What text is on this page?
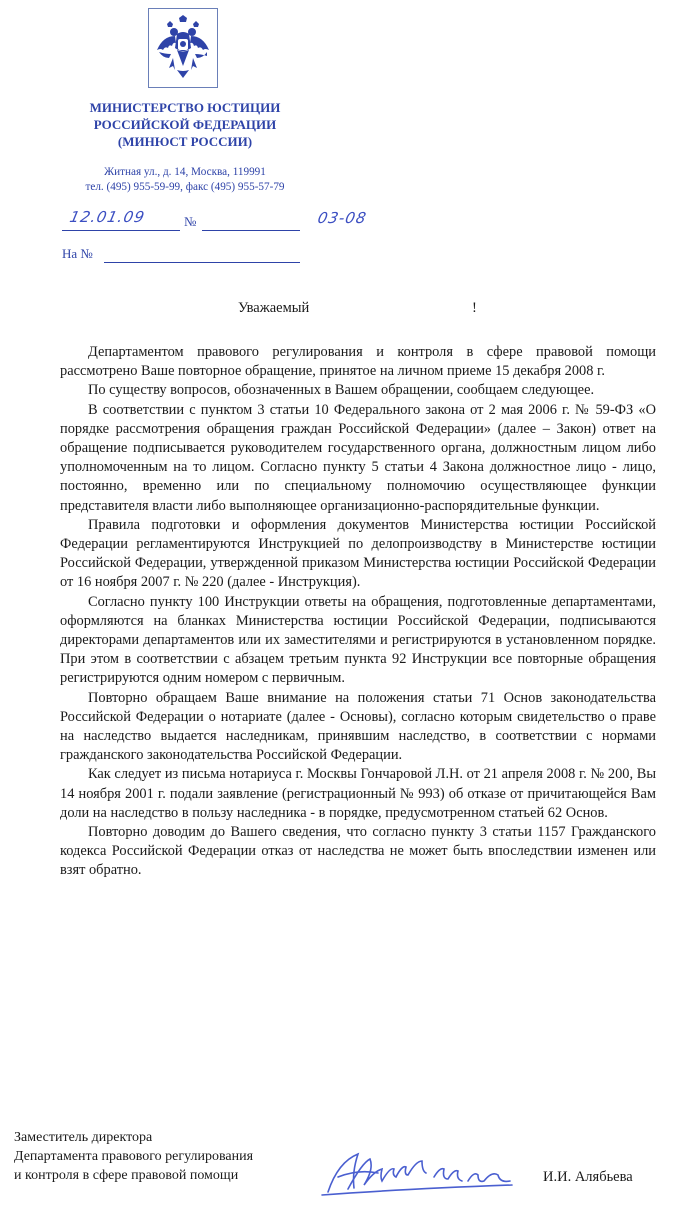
МИНИСТЕРСТВО ЮСТИЦИИ
РОССИЙСКОЙ ФЕДЕРАЦИИ
(МИНЮСТ РОССИИ)
Житная ул., д. 14, Москва, 119991
тел. (495) 955-59-99, факс (495) 955-57-79
12.01.09	№	03-08
На №
Уважаемый	!

Департаментом правового регулирования и контроля в сфере правовой помощи рассмотрено Ваше повторное обращение, принятое на личном приеме 15 декабря 2008 г.

По существу вопросов, обозначенных в Вашем обращении, сообщаем следующее.

В соответствии с пунктом 3 статьи 10 Федерального закона от 2 мая 2006 г. № 59-ФЗ «О порядке рассмотрения обращения граждан Российской Федерации» (далее – Закон) ответ на обращение подписывается руководителем государственного органа, должностным лицом либо уполномоченным на то лицом. Согласно пункту 5 статьи 4 Закона должностное лицо - лицо, постоянно, временно или по специальному полномочию осуществляющее функции представителя власти либо выполняющее организационно-распорядительные функции.

Правила подготовки и оформления документов Министерства юстиции Российской Федерации регламентируются Инструкцией по делопроизводству в Министерстве юстиции Российской Федерации, утвержденной приказом Министерства юстиции Российской Федерации от 16 ноября 2007 г. № 220 (далее - Инструкция).

Согласно пункту 100 Инструкции ответы на обращения, подготовленные департаментами, оформляются на бланках Министерства юстиции Российской Федерации, подписываются директорами департаментов или их заместителями и регистрируются в установленном порядке. При этом в соответствии с абзацем третьим пункта 92 Инструкции все повторные обращения регистрируются одним номером с первичным.

Повторно обращаем Ваше внимание на положения статьи 71 Основ законодательства Российской Федерации о нотариате (далее - Основы), согласно которым свидетельство о праве на наследство выдается наследникам, принявшим наследство, в соответствии с нормами гражданского законодательства Российской Федерации.

Как следует из письма нотариуса г. Москвы Гончаровой Л.Н. от 21 апреля 2008 г. № 200, Вы 14 ноября 2001 г. подали заявление (регистрационный № 993) об отказе от причитающейся Вам доли на наследство в пользу наследника - в порядке, предусмотренном статьей 62 Основ.

Повторно доводим до Вашего сведения, что согласно пункту 3 статьи 1157 Гражданского кодекса Российской Федерации отказ от наследства не может быть впоследствии изменен или взят обратно.

Заместитель директора
Департамента правового регулирования
и контроля в сфере правовой помощи	И.И. Алябьева
